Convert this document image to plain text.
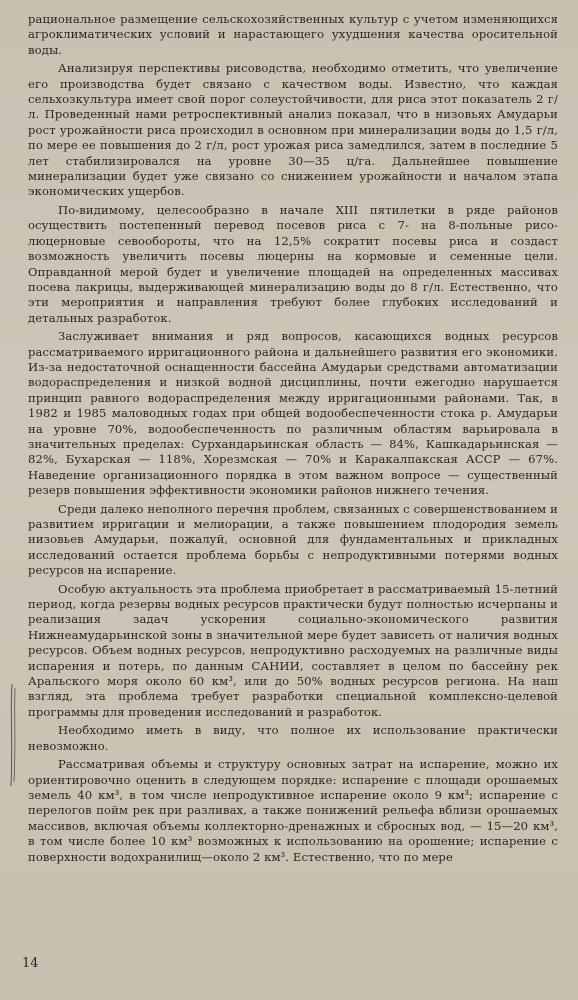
рациональное размещение сельскохозяйственных культур с учетом изменяющихся агроклиматических условий и нарастающего ухудшения качества оросительной воды.

Анализируя перспективы рисоводства, необходимо отметить, что увеличение его производства будет связано с качеством воды. Известно, что каждая сельхозкультура имеет свой порог солеустойчивости, для риса этот показатель 2 г/л. Проведенный нами ретроспективный анализ показал, что в низовьях Амударьи рост урожайности риса происходил в основном при минерализации воды до 1,5 г/л, по мере ее повышения до 2 г/л, рост урожая риса замедлился, затем в последние 5 лет стабилизировался на уровне 30—35 ц/га. Дальнейшее повышение минерализации будет уже связано со снижением урожайности и началом этапа экономических ущербов.

По-видимому, целесообразно в начале XIII пятилетки в ряде районов осуществить постепенный перевод посевов риса с 7- на 8-польные рисо-люцерновые севообороты, что на 12,5% сократит посевы риса и создаст возможность увеличить посевы люцерны на кормовые и семенные цели. Оправданной мерой будет и увеличение площадей на определенных массивах посева лакрицы, выдерживающей минерализацию воды до 8 г/л. Естественно, что эти мероприятия и направления требуют более глубоких исследований и детальных разработок.

Заслуживает внимания и ряд вопросов, касающихся водных ресурсов рассматриваемого ирригационного района и дальнейшего развития его экономики. Из-за недостаточной оснащенности бассейна Амударьи средствами автоматизации водораспределения и низкой водной дисциплины, почти ежегодно нарушается принцип равного водораспределения между ирригационными районами. Так, в 1982 и 1985 маловодных годах при общей водообеспеченности стока р. Амударьи на уровне 70%, водообеспеченность по различным областям варьировала в значительных пределах: Сурхандарьинская область — 84%, Кашкадарьинская — 82%, Бухарская — 118%, Хорезмская — 70% и Каракалпакская АССР — 67%. Наведение организационного порядка в этом важном вопросе — существенный резерв повышения эффективности экономики районов нижнего течения.

Среди далеко неполного перечня проблем, связанных с совершенствованием и развитием ирригации и мелиорации, а также повышением плодородия земель низовьев Амударьи, пожалуй, основной для фундаментальных и прикладных исследований остается проблема борьбы с непродуктивными потерями водных ресурсов на испарение.

Особую актуальность эта проблема приобретает в рассматриваемый 15-летний период, когда резервы водных ресурсов практически будут полностью исчерпаны и реализация задач ускорения социально-экономического развития Нижнеамударьинской зоны в значительной мере будет зависеть от наличия водных ресурсов. Объем водных ресурсов, непродуктивно расходуемых на различные виды испарения и потерь, по данным САНИИ, составляет в целом по бассейну рек Аральского моря около 60 км³, или до 50% водных ресурсов региона. На наш взгляд, эта проблема требует разработки специальной комплексно-целевой программы для проведения исследований и разработок.

Необходимо иметь в виду, что полное их использование практически невозможно.

Рассматривая объемы и структуру основных затрат на испарение, можно их ориентировочно оценить в следующем порядке: испарение с площади орошаемых земель 40 км³, в том числе непродуктивное испарение около 9 км³; испарение с перелогов пойм рек при разливах, а также понижений рельефа вблизи орошаемых массивов, включая объемы коллекторно-дренажных и сбросных вод, — 15—20 км³, в том числе более 10 км³ возможных к использованию на орошение; испарение с поверхности водохранилищ—около 2 км³. Естественно, что по мере

14
